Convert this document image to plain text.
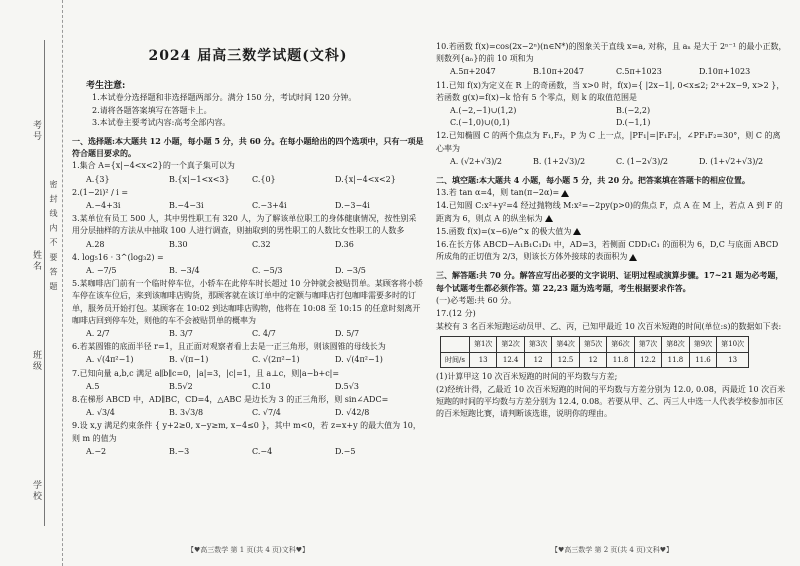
考号
姓名 密 封 线 内 不 要 答 题
班级
学校
2024 届高三数学试题(文科)
考生注意:
1.本试卷分选择题和非选择题两部分。满分 150 分，考试时间 120 分钟。
2.请将各题答案填写在答题卡上。
3.本试卷主要考试内容:高考全部内容。
一、选择题:本大题共 12 小题，每小题 5 分，共 60 分。在每小题给出的四个选项中，只有一项是符合题目要求的。
1.集合 A={x|−4<x<2}的一个真子集可以为
A.{3}	B.{x|−1<x<3}	C.{0}	D.{x|−4<x<2}
2.(1−2i)² / i =
A.−4+3i	B.−4−3i	C.−3+4i	D.−3−4i
3.某单位有员工 500 人，其中男性职工有 320 人，为了解该单位职工的身体健康情况，按性别采用分层抽样的方法从中抽取 100 人进行调查，则抽取到的男性职工的人数比女性职工的人数多
A.28	B.30	C.32	D.36
4. log₅16 · 3^(log₃2) =
A. −7/5	B. −3/4	C. −5/3	D. −3/5
5.某咖啡店门前有一个临时停车位，小轿车在此停车时长超过 10 分钟就会被贴罚单。某顾客将小轿车停在该车位后，来到该咖啡店购货，那顾客就在该订单中的定额与咖啡店打包咖啡需要多时的订单，服务员开始打包。某顾客在 10:02 到达咖啡店购物，他将在 10:08 至 10:15 的任意时刻离开咖啡店回到停车处，则他的车不会被贴罚单的概率为
A. 2/7	B. 3/7	C. 4/7	D. 5/7
6.若某圆锥的底面半径 r=1，且正面对观察者看上去是一正三角形，则该圆锥的母线长为
A. √(4π²−1)	B. √(π−1)	C. √(2π²−1)	D. √(4π²−1)
7.已知向量 a,b,c 满足 a∥b∥c=0，|a|=3，|c|=1，且 a⊥c，则|a−b+c|=
A.5	B.5√2	C.10	D.5√3
8.在梯形 ABCD 中，AD∥BC，CD=4，△ABC 是边长为 3 的正三角形，则 sin∠ADC=
A. √3/4	B. 3√3/8	C. √7/4	D. √42/8
9.设 x,y 满足约束条件 { y+2≥0, x−y≥m, x−4≤0 }，其中 m<0，若 z=x+y 的最大值为 10，则 m 的值为
A.−2	B.−3	C.−4	D.−5
【♥高三数学 第 1 页(共 4 页)文科♥】
10.若函数 f(x)=cos(2x−2ⁿ)(n∈N*)的图象关于直线 x=a, 对称，且 aₙ 是大于 2ⁿ⁻¹ 的最小正数，则数列{aₙ}的前 10 项和为
A.5π+2047	B.10π+2047	C.5π+1023	D.10π+1023
11.已知 f(x)为定义在 R 上的奇函数，当 x>0 时，f(x)={ |2x−1|, 0<x≤2; 2ˣ+2x−9, x>2 }，若函数 g(x)=f(x)−k 恰有 5 个零点，则 k 的取值范围是
A.(−2,−1)∪(1,2)	B.(−2,2)
C.(−1,0)∪(0,1)	D.(−1,1)
12.已知椭圆 C 的两个焦点为 F₁,F₂，P 为 C 上一点，|PF₁|=|F₁F₂|，∠PF₁F₂=30°，则 C 的离心率为
A. (√2+√3)/2	B. (1+2√3)/2	C. (1−2√3)/2	D. (1+√2+√3)/2
二、填空题:本大题共 4 小题，每小题 5 分，共 20 分。把答案填在答题卡的相应位置。
13.若 tan α=4，则 tan(π−2α)=
14.已知圆 C:x²+y²=4 经过抛物线 M:x²=−2py(p>0)的焦点 F，点 A 在 M 上，若点 A 到 F 的距离为 6，则点 A 的纵坐标为
15.函数 f(x)=(x−6)/e^x 的极大值为
16.在长方体 ABCD−A₁B₁C₁D₁ 中，AD=3，若侧面 CDD₁C₁ 的面积为 6，D,C 与底面 ABCD 所成角的正切值为 2/3，则该长方体外接球的表面积为
三、解答题:共 70 分。解答应写出必要的文字说明、证明过程或演算步骤。17~21 题为必考题，每个试题考生都必须作答。第 22,23 题为选考题，考生根据要求作答。
(一)必考题:共 60 分。
17.(12 分)
某校有 3 名百米短跑运动员甲、乙、丙，已知甲最近 10 次百米短跑的时间(单位:s)的数据如下表:
	第1次	第2次	第3次	第4次	第5次	第6次	第7次	第8次	第9次	第10次
时间/s	13	12.4	12	12.5	12	11.8	12.2	11.8	11.6	13
(1)计算甲这 10 次百米短跑的时间的平均数与方差;
(2)经统计得，乙最近 10 次百米短跑的时间的平均数与方差分别为 12.0, 0.08，丙最近 10 次百米短跑的时间的平均数与方差分别为 12.4, 0.08。若要从甲、乙、丙三人中选一人代表学校参加市区的百米短跑比赛，请判断该选谁，说明你的理由。
【♥高三数学 第 2 页(共 4 页)文科♥】
